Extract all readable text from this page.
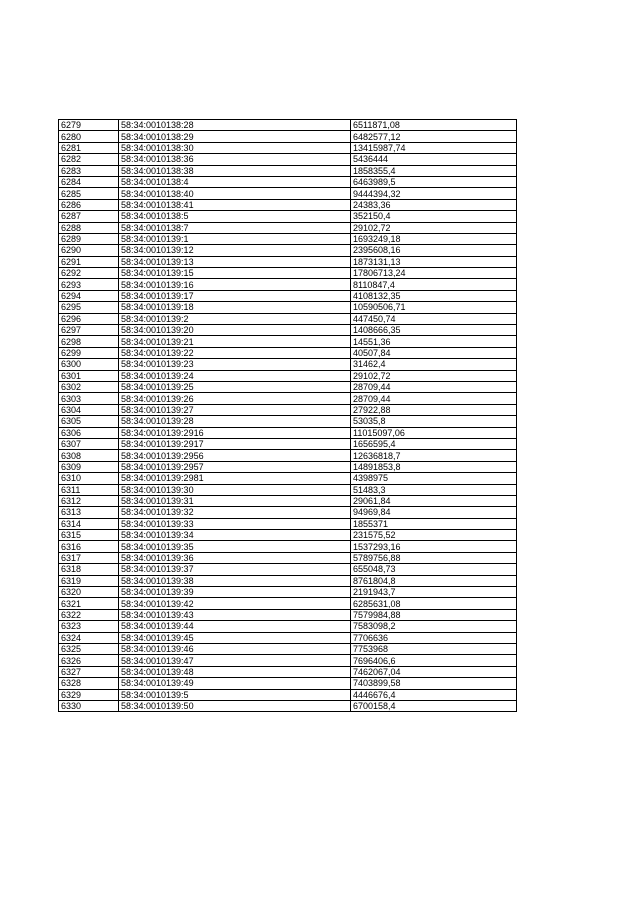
6279	58:34:0010138:28	6511871,08
6280	58:34:0010138:29	6482577,12
6281	58:34:0010138:30	13415987,74
6282	58:34:0010138:36	5436444
6283	58:34:0010138:38	1858355,4
6284	58:34:0010138:4	6463989,5
6285	58:34:0010138:40	9444394,32
6286	58:34:0010138:41	24383,36
6287	58:34:0010138:5	352150,4
6288	58:34:0010138:7	29102,72
6289	58:34:0010139:1	1693249,18
6290	58:34:0010139:12	2395608,16
6291	58:34:0010139:13	1873131,13
6292	58:34:0010139:15	17806713,24
6293	58:34:0010139:16	8110847,4
6294	58:34:0010139:17	4108132,35
6295	58:34:0010139:18	10590506,71
6296	58:34:0010139:2	447450,74
6297	58:34:0010139:20	1408666,35
6298	58:34:0010139:21	14551,36
6299	58:34:0010139:22	40507,84
6300	58:34:0010139:23	31462,4
6301	58:34:0010139:24	29102,72
6302	58:34:0010139:25	28709,44
6303	58:34:0010139:26	28709,44
6304	58:34:0010139:27	27922,88
6305	58:34:0010139:28	53035,8
6306	58:34:0010139:2916	11015097,06
6307	58:34:0010139:2917	1656595,4
6308	58:34:0010139:2956	12636818,7
6309	58:34:0010139:2957	14891853,8
6310	58:34:0010139:2981	4398975
6311	58:34:0010139:30	51483,3
6312	58:34:0010139:31	29061,84
6313	58:34:0010139:32	94969,84
6314	58:34:0010139:33	1855371
6315	58:34:0010139:34	231575,52
6316	58:34:0010139:35	1537293,16
6317	58:34:0010139:36	5789756,88
6318	58:34:0010139:37	655048,73
6319	58:34:0010139:38	8761804,8
6320	58:34:0010139:39	2191943,7
6321	58:34:0010139:42	6285631,08
6322	58:34:0010139:43	7579984,88
6323	58:34:0010139:44	7583098,2
6324	58:34:0010139:45	7706636
6325	58:34:0010139:46	7753968
6326	58:34:0010139:47	7696406,6
6327	58:34:0010139:48	7462067,04
6328	58:34:0010139:49	7403899,58
6329	58:34:0010139:5	4446676,4
6330	58:34:0010139:50	6700158,4
